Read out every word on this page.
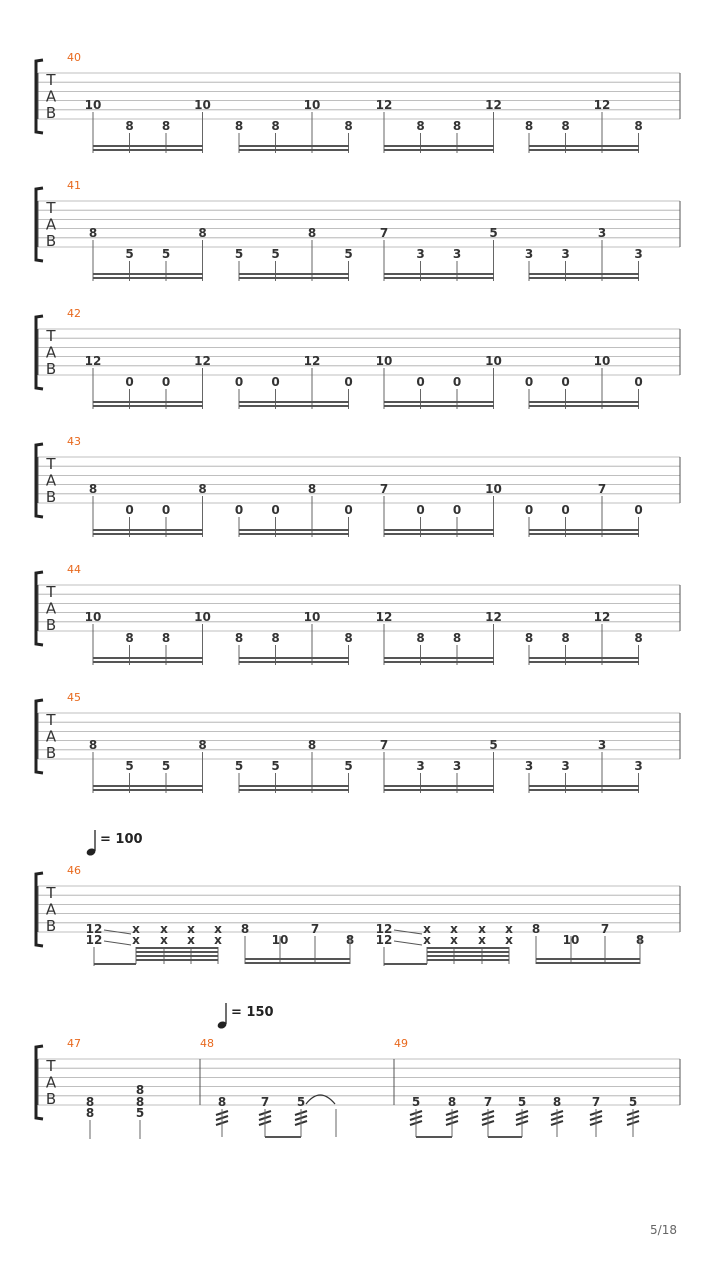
T
A
B
40
10
8 8
10
8 8
10
8
12
8 8
12
8 8
12
8
T
A
B
41
8
5 5
8
5 5
8
5
7
3 3
5
3 3
3
3
T
A
B
42
12
0 0
12
0 0
12
0
10
0 0
10
0 0
10
0
T
A
B
43
8
0 0
8
0 0
8
0
7
0 0
10
0 0
7
0
T
A
B
44
10
8 8
10
8 8
10
8
12
8 8
12
8 8
12
8
T
A
B
45
8
5 5
8
5 5
8
5
7
3 3
5
3 3
3
3
T
A
B
= 100
46
12
12
x
x
x
x
x
x
x
x
8
10
7
8
12
12
x
x
x
x
x
x
x
x
8
10
7
8
T
A
B
= 150
47
8
8
8
8
5
48
8	7 5
49
5 8 7 5 8	7 5
5/18
